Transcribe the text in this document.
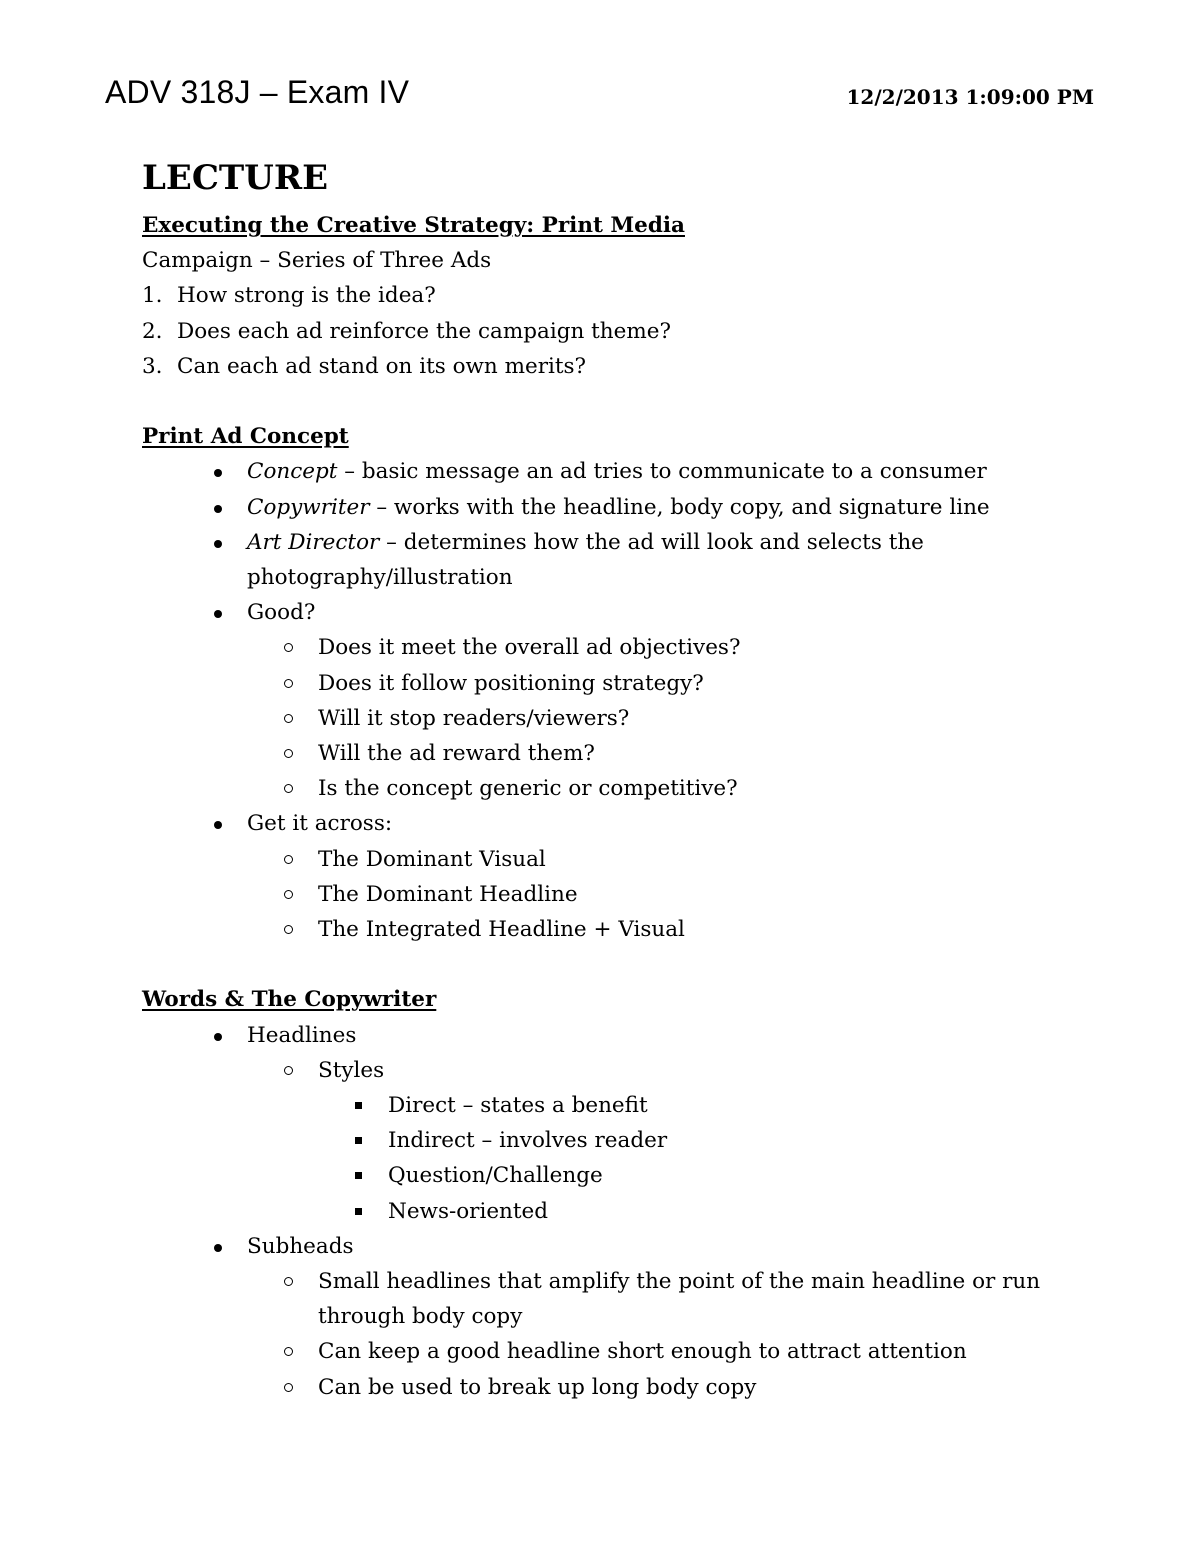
ADV 318J – Exam IV	12/2/2013 1:09:00 PM
LECTURE
Executing the Creative Strategy: Print Media
Campaign – Series of Three Ads
1. How strong is the idea?
2. Does each ad reinforce the campaign theme?
3. Can each ad stand on its own merits?
Print Ad Concept
Concept – basic message an ad tries to communicate to a consumer
Copywriter – works with the headline, body copy, and signature line
Art Director – determines how the ad will look and selects the photography/illustration
Good?
Does it meet the overall ad objectives?
Does it follow positioning strategy?
Will it stop readers/viewers?
Will the ad reward them?
Is the concept generic or competitive?
Get it across:
The Dominant Visual
The Dominant Headline
The Integrated Headline + Visual
Words & The Copywriter
Headlines
Styles
Direct – states a benefit
Indirect – involves reader
Question/Challenge
News-oriented
Subheads
Small headlines that amplify the point of the main headline or run through body copy
Can keep a good headline short enough to attract attention
Can be used to break up long body copy
